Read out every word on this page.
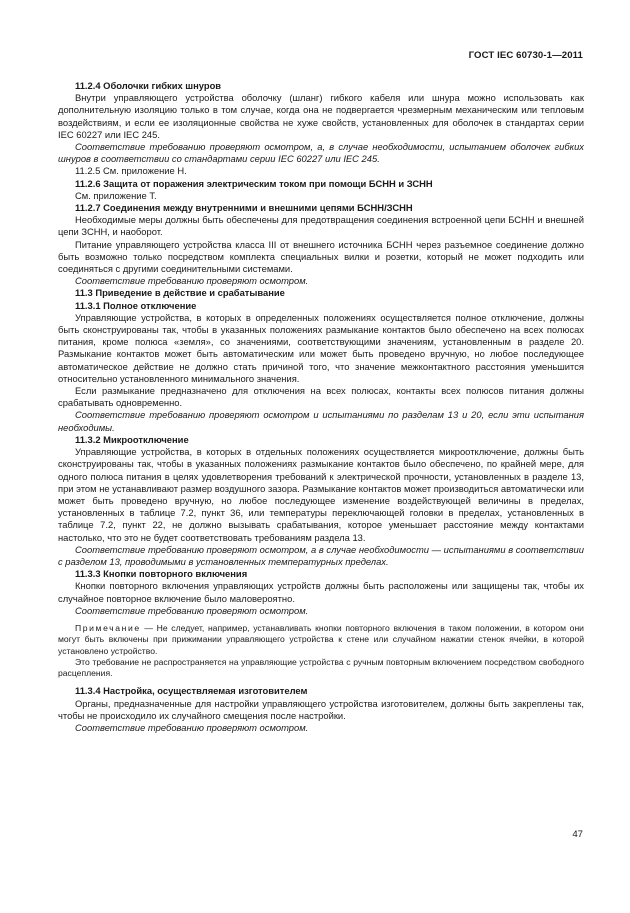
ГОСТ IEC 60730-1—2011

11.2.4 Оболочки гибких шнуров

Внутри управляющего устройства оболочку (шланг) гибкого кабеля или шнура можно использовать как дополнительную изоляцию только в том случае, когда она не подвергается чрезмерным механическим или тепловым воздействиям, и если ее изоляционные свойства не хуже свойств, установленных для оболочек в стандартах серии IEC 60227 или IEC 245.

Соответствие требованию проверяют осмотром, а, в случае необходимости, испытанием оболочек гибких шнуров в соответствии со стандартами серии IEC 60227 или IEC 245.

11.2.5 См. приложение Н.

11.2.6 Защита от поражения электрическим током при помощи БСНН и ЗСНН

См. приложение Т.

11.2.7 Соединения между внутренними и внешними цепями БСНН/ЗСНН

Необходимые меры должны быть обеспечены для предотвращения соединения встроенной цепи БСНН и внешней цепи ЗСНН, и наоборот.

Питание управляющего устройства класса III от внешнего источника БСНН через разъемное соединение должно быть возможно только посредством комплекта специальных вилки и розетки, который не может подходить или соединяться с другими соединительными системами.

Соответствие требованию проверяют осмотром.

11.3 Приведение в действие и срабатывание

11.3.1 Полное отключение

Управляющие устройства, в которых в определенных положениях осуществляется полное отключение, должны быть сконструированы так, чтобы в указанных положениях размыкание контактов было обеспечено на всех полюсах питания, кроме полюса «земля», со значениями, соответствующими значениям, установленным в разделе 20. Размыкание контактов может быть автоматическим или может быть проведено вручную, но любое последующее автоматическое действие не должно стать причиной того, что значение межконтактного расстояния уменьшится относительно установленного минимального значения.

Если размыкание предназначено для отключения на всех полюсах, контакты всех полюсов питания должны срабатывать одновременно.

Соответствие требованию проверяют осмотром и испытаниями по разделам 13 и 20, если эти испытания необходимы.

11.3.2 Микроотключение

Управляющие устройства, в которых в отдельных положениях осуществляется микроотключение, должны быть сконструированы так, чтобы в указанных положениях размыкание контактов было обеспечено, по крайней мере, для одного полюса питания в целях удовлетворения требований к электрической прочности, установленных в разделе 13, при этом не устанавливают размер воздушного зазора. Размыкание контактов может производиться автоматически или может быть проведено вручную, но любое последующее изменение воздействующей величины в пределах, установленных в таблице 7.2, пункт 36, или температуры переключающей головки в пределах, установленных в таблице 7.2, пункт 22, не должно вызывать срабатывания, которое уменьшает расстояние между контактами настолько, что это не будет соответствовать требованиям раздела 13.

Соответствие требованию проверяют осмотром, а в случае необходимости — испытаниями в соответствии с разделом 13, проводимыми в установленных температурных пределах.

11.3.3 Кнопки повторного включения

Кнопки повторного включения управляющих устройств должны быть расположены или защищены так, чтобы их случайное повторное включение было маловероятно.

Соответствие требованию проверяют осмотром.

Примечание — Не следует, например, устанавливать кнопки повторного включения в таком положении, в котором они могут быть включены при прижимании управляющего устройства к стене или случайном нажатии стенок ячейки, в которой установлено устройство.

Это требование не распространяется на управляющие устройства с ручным повторным включением посредством свободного расцепления.

11.3.4 Настройка, осуществляемая изготовителем

Органы, предназначенные для настройки управляющего устройства изготовителем, должны быть закреплены так, чтобы не происходило их случайного смещения после настройки.

Соответствие требованию проверяют осмотром.

47
